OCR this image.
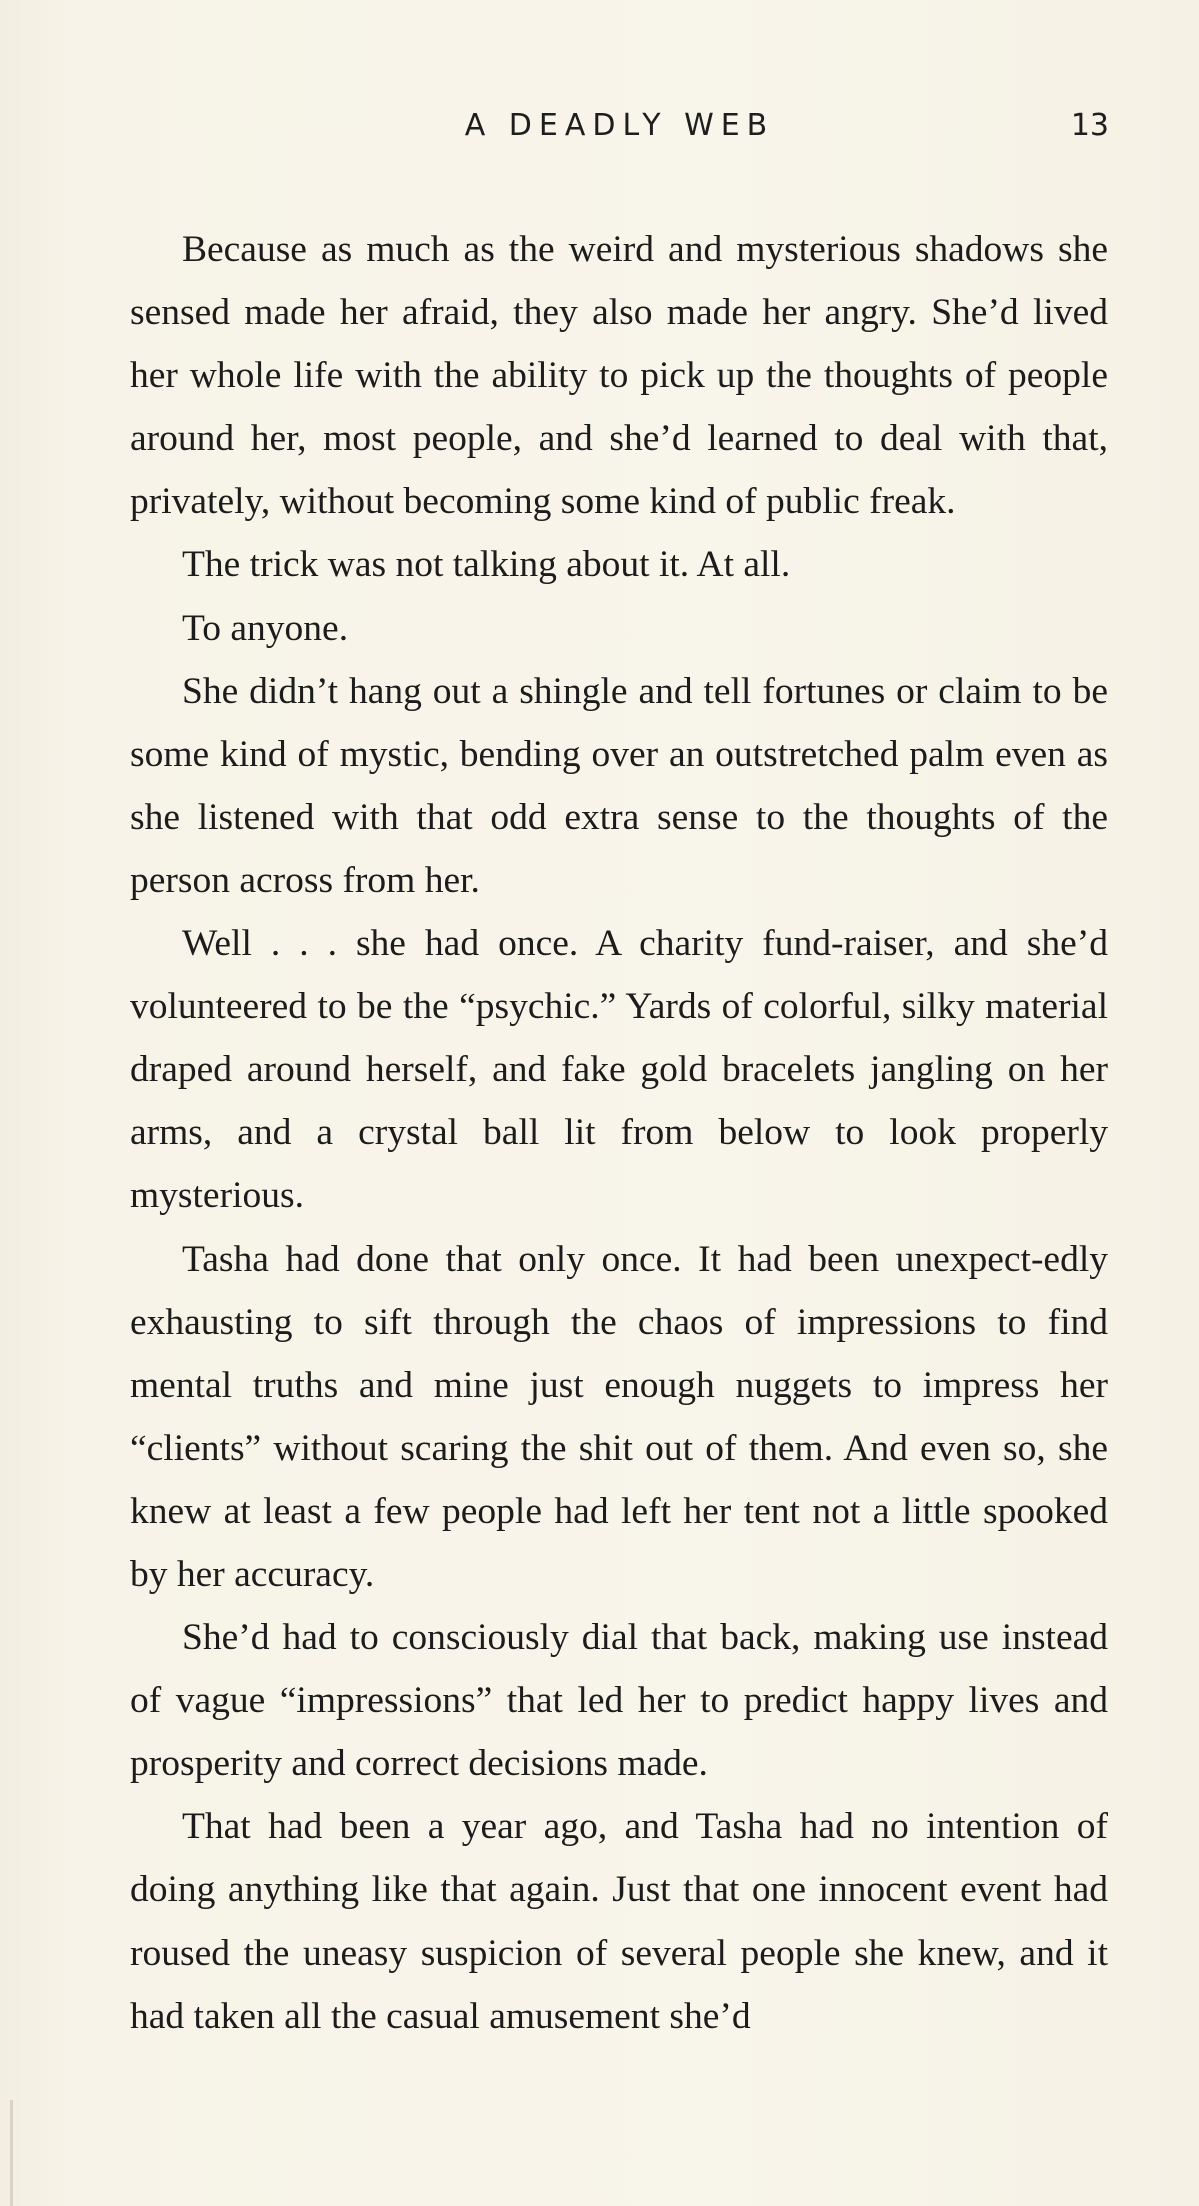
A DEADLY WEB	13

Because as much as the weird and mysterious shadows she sensed made her afraid, they also made her angry. She’d lived her whole life with the ability to pick up the thoughts of people around her, most people, and she’d learned to deal with that, privately, without becoming some kind of public freak.

The trick was not talking about it. At all.

To anyone.

She didn’t hang out a shingle and tell fortunes or claim to be some kind of mystic, bending over an outstretched palm even as she listened with that odd extra sense to the thoughts of the person across from her.

Well . . . she had once. A charity fund-raiser, and she’d volunteered to be the “psychic.” Yards of colorful, silky material draped around herself, and fake gold bracelets jangling on her arms, and a crystal ball lit from below to look properly mysterious.

Tasha had done that only once. It had been unexpect-edly exhausting to sift through the chaos of impressions to find mental truths and mine just enough nuggets to impress her “clients” without scaring the shit out of them. And even so, she knew at least a few people had left her tent not a little spooked by her accuracy.

She’d had to consciously dial that back, making use instead of vague “impressions” that led her to predict happy lives and prosperity and correct decisions made.

That had been a year ago, and Tasha had no intention of doing anything like that again. Just that one innocent event had roused the uneasy suspicion of several people she knew, and it had taken all the casual amusement she’d
